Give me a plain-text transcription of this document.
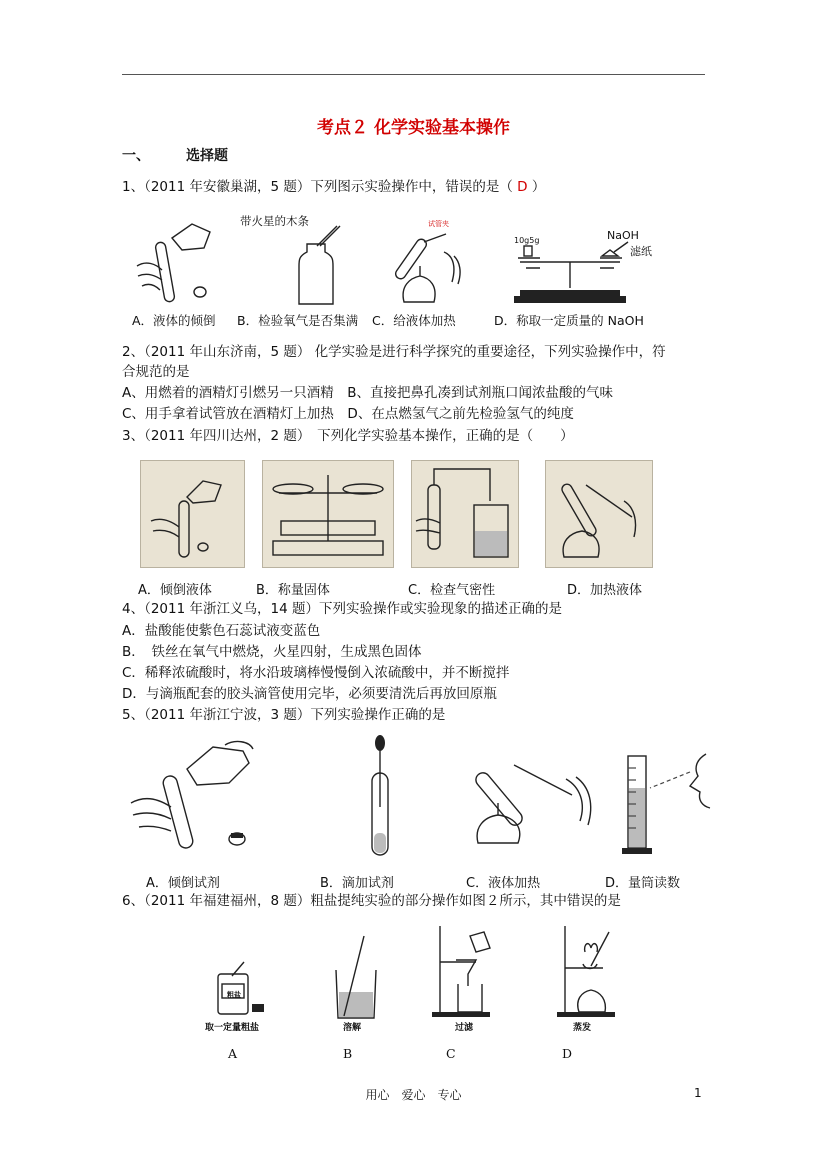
考点２ 化学实验基本操作
一、	选择题
1、（2011 年安徽巢湖，5 题）下列图示实验操作中，错误的是（ D ）
带火星的木条	试管夹
10g5g	NaOH
滤纸
A．液体的倾倒 B．检验氧气是否集满 C．给液体加热	D．称取一定质量的 NaOH
2、（2011 年山东济南，5 题） 化学实验是进行科学探究的重要途径，下列实验操作中，符
合规范的是
A、用燃着的酒精灯引燃另一只酒精　B、直接把鼻孔凑到试剂瓶口闻浓盐酸的气味
C、用手拿着试管放在酒精灯上加热　D、在点燃氢气之前先检验氢气的纯度
3、（2011 年四川达州，2 题）　下列化学实验基本操作，正确的是（　　）
A．倾倒液体	B．称量固体	C．检查气密性	D．加热液体
4、（2011 年浙江义乌，14 题）下列实验操作或实验现象的描述正确的是
A．盐酸能使紫色石蕊试液变蓝色
B．　铁丝在氧气中燃烧，火星四射，生成黑色固体
C．稀释浓硫酸时，将水沿玻璃棒慢慢倒入浓硫酸中，并不断搅拌
D．与滴瓶配套的胶头滴管使用完毕，必须要清洗后再放回原瓶
5、（2011 年浙江宁波，3 题）下列实验操作正确的是
A．倾倒试剂	B．滴加试剂	C．液体加热	D．量筒读数
6、（2011 年福建福州，8 题）粗盐提纯实验的部分操作如图２所示，其中错误的是
粗盐
取一定量粗盐	溶解	过滤	蒸发
A	B	C	D
用心　爱心　专心	1
